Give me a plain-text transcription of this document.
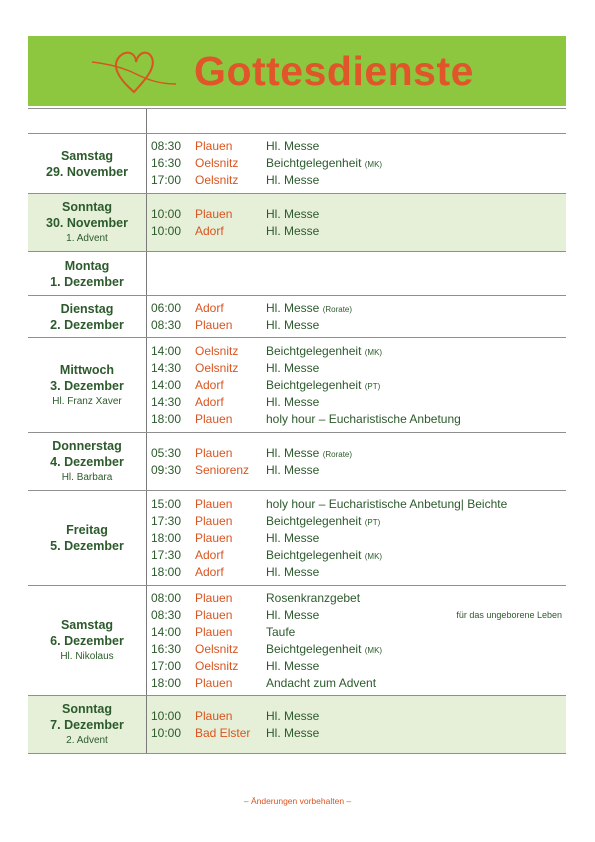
Gottesdienste
Samstag
29. November
08:30	Plauen	Hl. Messe
16:30	Oelsnitz	Beichtgelegenheit (MK)
17:00	Oelsnitz	Hl. Messe
Sonntag
30. November
1. Advent
10:00	Plauen	Hl. Messe
10:00	Adorf	Hl. Messe
Montag
1. Dezember
Dienstag
2. Dezember
06:00	Adorf	Hl. Messe (Rorate)
08:30	Plauen	Hl. Messe
Mittwoch
3. Dezember
Hl. Franz Xaver
14:00	Oelsnitz	Beichtgelegenheit (MK)
14:30	Oelsnitz	Hl. Messe
14:00	Adorf	Beichtgelegenheit (PT)
14:30	Adorf	Hl. Messe
18:00	Plauen	holy hour – Eucharistische Anbetung
Donnerstag
4. Dezember
Hl. Barbara
05:30	Plauen	Hl. Messe (Rorate)
09:30	Seniorenz	Hl. Messe
Freitag
5. Dezember
15:00	Plauen	holy hour – Eucharistische Anbetung| Beichte
17:30	Plauen	Beichtgelegenheit (PT)
18:00	Plauen	Hl. Messe
17:30	Adorf	Beichtgelegenheit (MK)
18:00	Adorf	Hl. Messe
Samstag
6. Dezember
Hl. Nikolaus
08:00	Plauen	Rosenkranzgebet
08:30	Plauen	Hl. Messe	für das ungeborene Leben
14:00	Plauen	Taufe
16:30	Oelsnitz	Beichtgelegenheit (MK)
17:00	Oelsnitz	Hl. Messe
18:00	Plauen	Andacht zum Advent
Sonntag
7. Dezember
2. Advent
10:00	Plauen	Hl. Messe
10:00	Bad Elster	Hl. Messe
– Änderungen vorbehalten –
